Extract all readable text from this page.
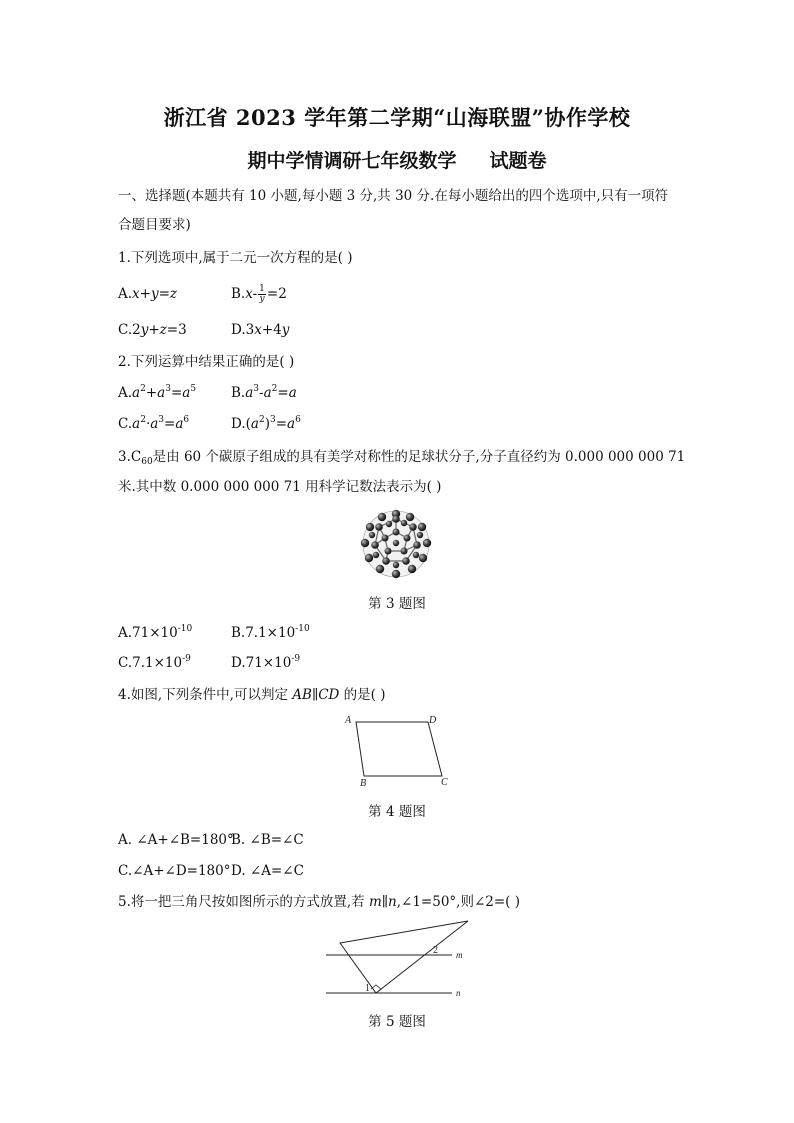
浙江省 2023 学年第二学期“山海联盟”协作学校
期中学情调研七年级数学     试题卷
一、选择题(本题共有 10 小题,每小题 3 分,共 30 分.在每小题给出的四个选项中,只有一项符
合题目要求)
1.下列选项中,属于二元一次方程的是( )
A.x+y=z	$B.x- \frac{1}{y} =2$
C.2y+z=3	D.3x+4y
2.下列运算中结果正确的是( )
$A.a^2+a^3=a^5$	$B.a^3-a^2=a$
$C.a^2\cdot a^3=a^6$	$D.(a^2)^3=a^6$
$3.C_{60}$是由 60 个碳原子组成的具有美学对称性的足球状分子,分子直径约为 0.000 000 000 71
米.其中数 0.000 000 000 71 用科学记数法表示为( )
第 3 题图
$A.71\times 10^{-10}$	$B.7.1\times 10^{-10}$
$C.7.1\times 10^{-9}$	$D.71\times 10^{-9}$
4.如图,下列条件中,可以判定 AB∥CD 的是( )
A	D
B	C
第 4 题图
A. ∠A+∠B=180°
B. ∠B=∠C
C.∠A+∠D=180° D. ∠A=∠C
5.将一把三角尺按如图所示的方式放置,若 m∥n,∠1=50°,则∠2=( )
m
n
1
2
第 5 题图
